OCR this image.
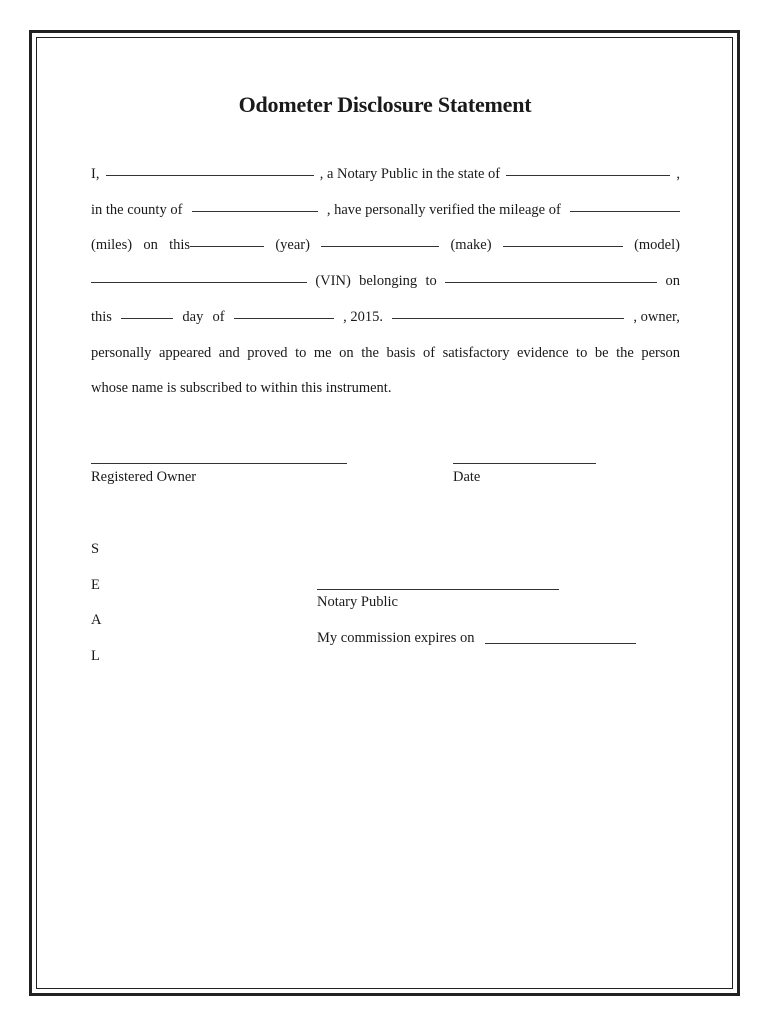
Odometer Disclosure Statement
I,	, a Notary Public in the state of	,
in the county of	, have personally verified the mileage of
(miles) on this	(year)	(make)	(model)
(VIN) belonging to	on
this	day of	, 2015.	, owner,
personally appeared and proved to me on the basis of satisfactory evidence to be the person
whose name is subscribed to within this instrument.
Registered Owner	Date
S
E
A
L
Notary Public
My commission expires on
